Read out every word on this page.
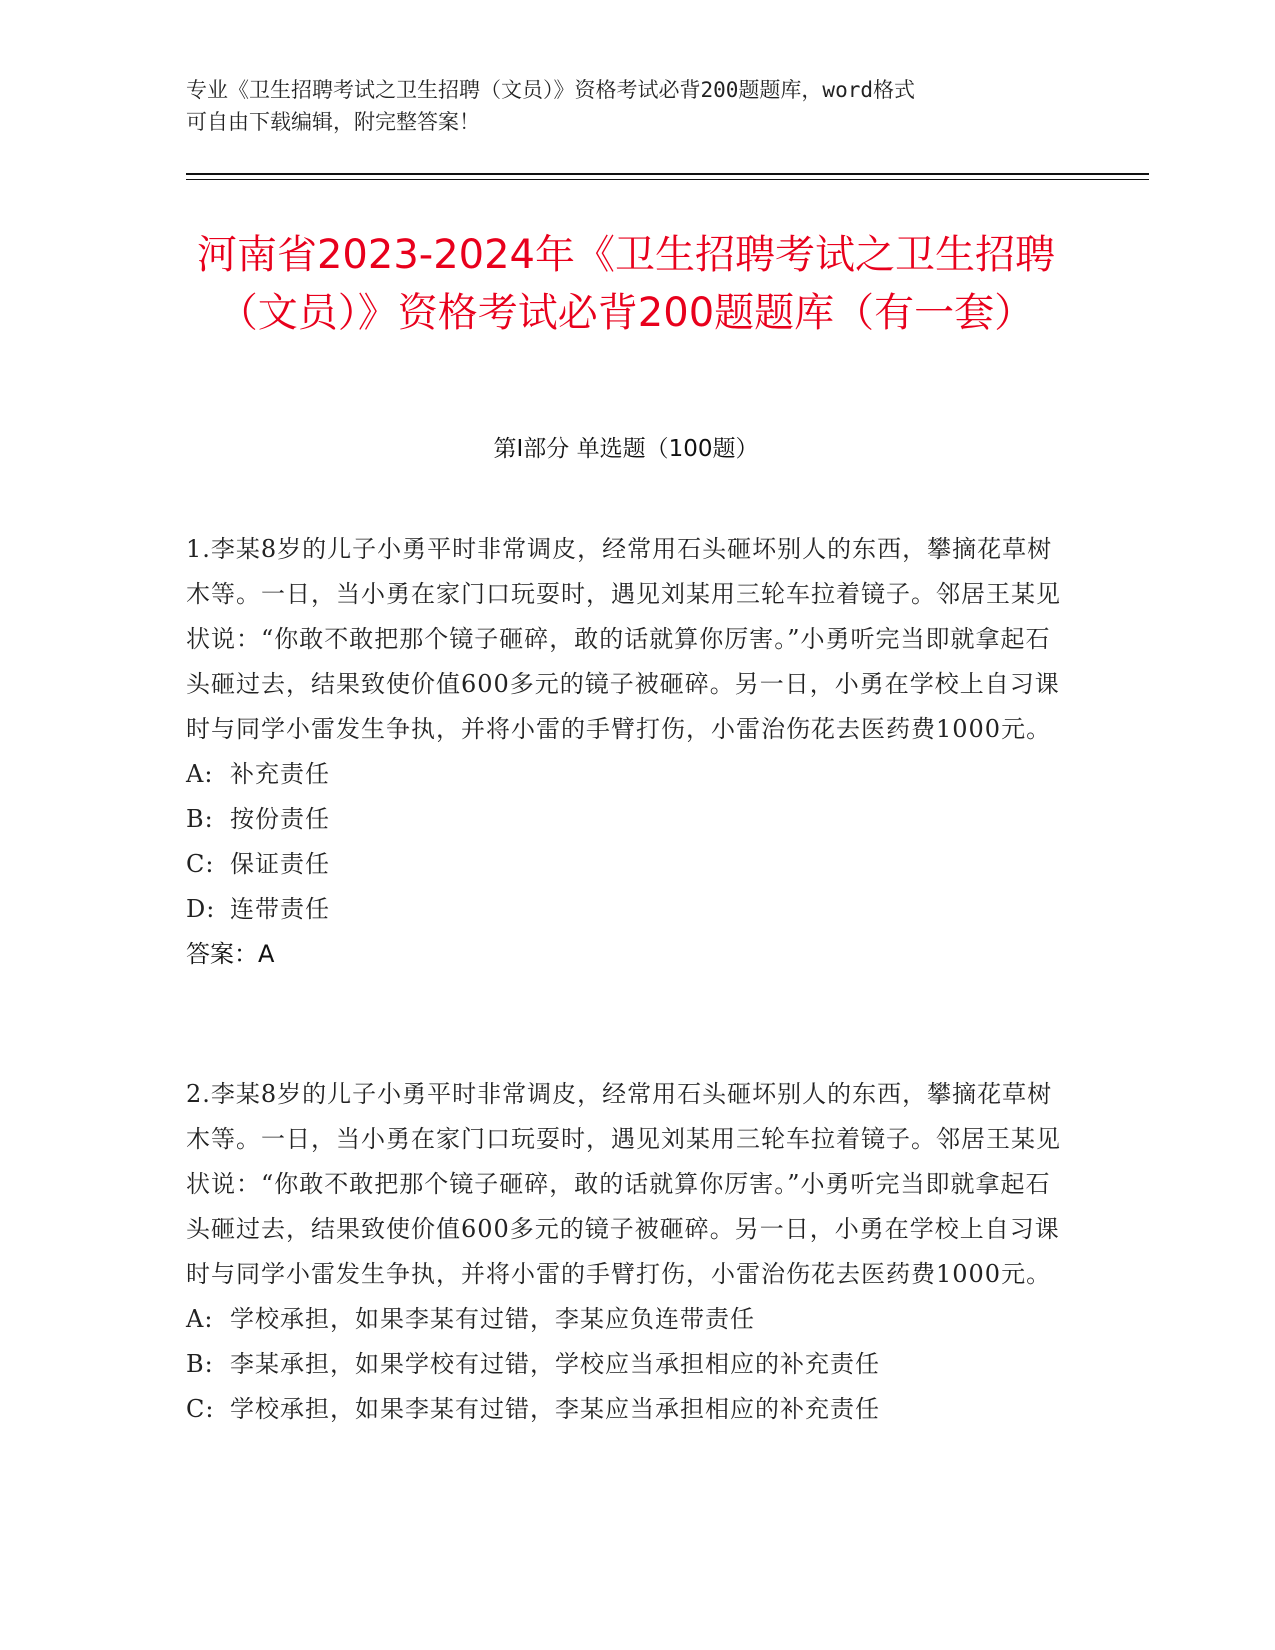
专业《卫生招聘考试之卫生招聘（文员）》资格考试必背200题题库，word格式
可自由下载编辑，附完整答案！
河南省2023-2024年《卫生招聘考试之卫生招聘（文员）》资格考试必背200题题库（有一套）
第Ⅰ部分 单选题（100题）

1.李某8岁的儿子小勇平时非常调皮，经常用石头砸坏别人的东西，攀摘花草树木等。一日，当小勇在家门口玩耍时，遇见刘某用三轮车拉着镜子。邻居王某见状说：“你敢不敢把那个镜子砸碎，敢的话就算你厉害。”小勇听完当即就拿起石头砸过去，结果致使价值600多元的镜子被砸碎。另一日，小勇在学校上自习课时与同学小雷发生争执，并将小雷的手臂打伤，小雷治伤花去医药费1000元。

A: 补充责任

B: 按份责任

C: 保证责任

D: 连带责任

答案：A

2.李某8岁的儿子小勇平时非常调皮，经常用石头砸坏别人的东西，攀摘花草树木等。一日，当小勇在家门口玩耍时，遇见刘某用三轮车拉着镜子。邻居王某见状说：“你敢不敢把那个镜子砸碎，敢的话就算你厉害。”小勇听完当即就拿起石头砸过去，结果致使价值600多元的镜子被砸碎。另一日，小勇在学校上自习课时与同学小雷发生争执，并将小雷的手臂打伤，小雷治伤花去医药费1000元。

A: 学校承担，如果李某有过错，李某应负连带责任

B: 李某承担，如果学校有过错，学校应当承担相应的补充责任

C: 学校承担，如果李某有过错，李某应当承担相应的补充责任
